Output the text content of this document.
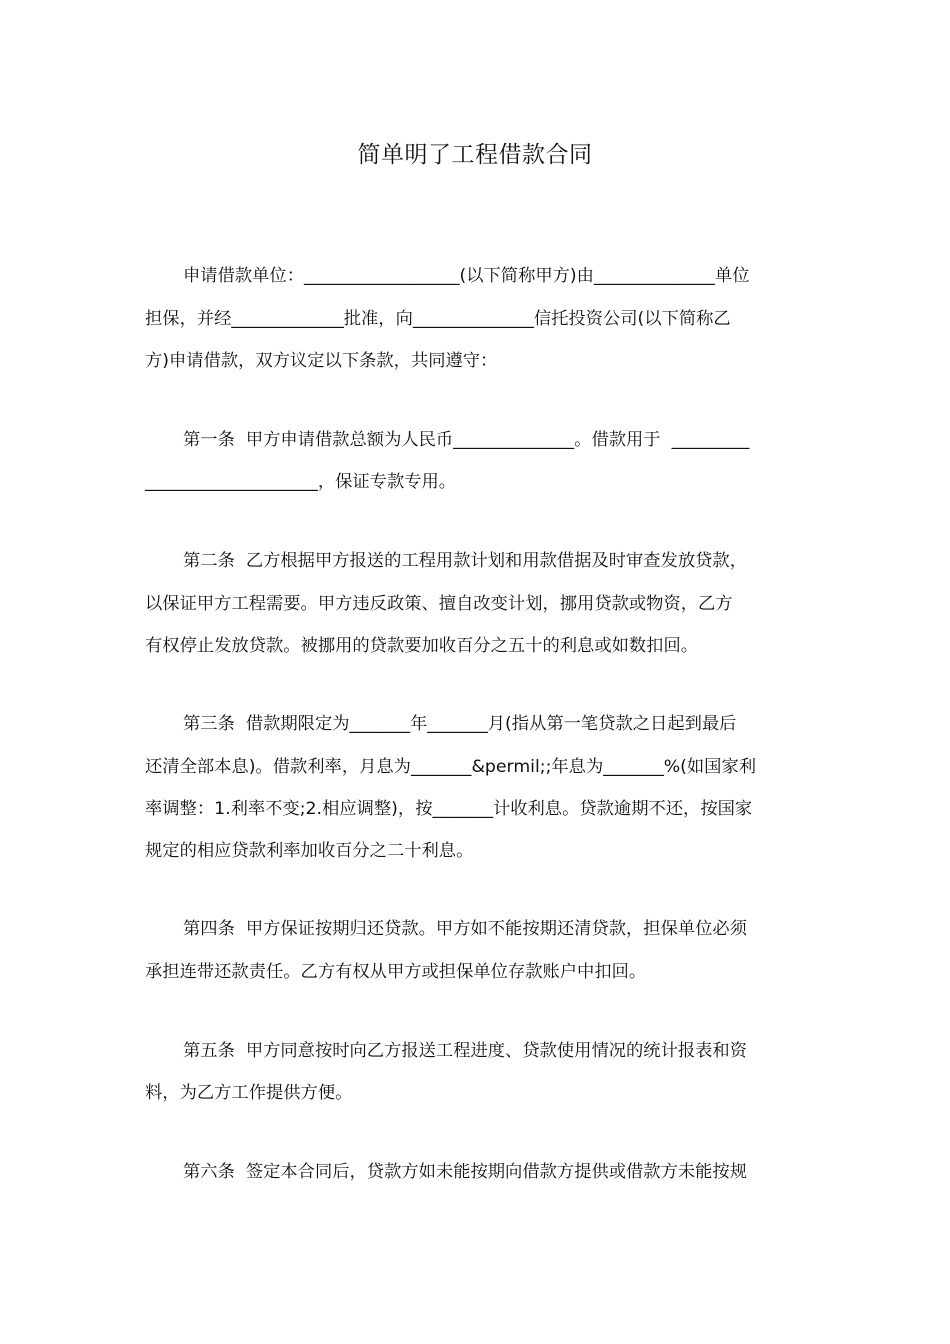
简单明了工程借款合同
申请借款单位：__________________(以下简称甲方)由______________单位
担保，并经_____________批准，向______________信托投资公司(以下简称乙
方)申请借款，双方议定以下条款，共同遵守：
第一条  甲方申请借款总额为人民币______________。借款用于  _________
____________________，保证专款专用。
第二条  乙方根据甲方报送的工程用款计划和用款借据及时审查发放贷款，
以保证甲方工程需要。甲方违反政策、擅自改变计划，挪用贷款或物资，乙方
有权停止发放贷款。被挪用的贷款要加收百分之五十的利息或如数扣回。
第三条  借款期限定为_______年_______月(指从第一笔贷款之日起到最后
还清全部本息)。借款利率，月息为_______&permil;;年息为_______%(如国家利
率调整：1.利率不变;2.相应调整)，按_______计收利息。贷款逾期不还，按国家
规定的相应贷款利率加收百分之二十利息。
第四条  甲方保证按期归还贷款。甲方如不能按期还清贷款，担保单位必须
承担连带还款责任。乙方有权从甲方或担保单位存款账户中扣回。
第五条  甲方同意按时向乙方报送工程进度、贷款使用情况的统计报表和资
料，为乙方工作提供方便。
第六条  签定本合同后，贷款方如未能按期向借款方提供或借款方未能按规
